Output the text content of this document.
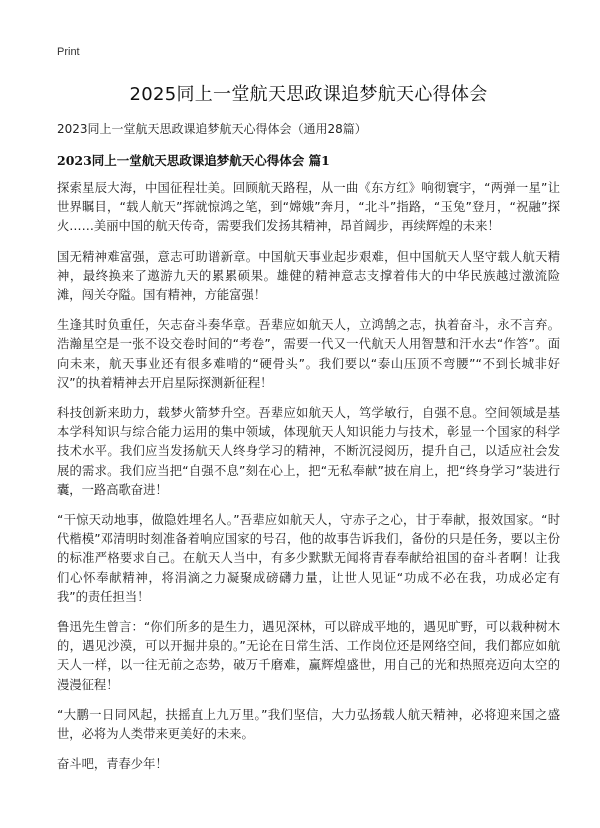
Print
2025同上一堂航天思政课追梦航天心得体会
2023同上一堂航天思政课追梦航天心得体会（通用28篇）
2023同上一堂航天思政课追梦航天心得体会 篇1

探索星辰大海，中国征程壮美。回顾航天路程，从一曲《东方红》响彻寰宇，“两弹一星”让世界瞩目，“载人航天”挥就惊鸿之笔，到“嫦娥”奔月，“北斗”指路，“玉兔”登月，“祝融”探火……美丽中国的航天传奇，需要我们发扬其精神，昂首阔步，再续辉煌的未来！

国无精神难富强，意志可助谱新章。中国航天事业起步艰难，但中国航天人坚守载人航天精神，最终换来了遨游九天的累累硕果。雄健的精神意志支撑着伟大的中华民族越过激流险滩，闯关夺隘。国有精神，方能富强！

生逢其时负重任，矢志奋斗奏华章。吾辈应如航天人，立鸿鹄之志，执着奋斗，永不言弃。浩瀚星空是一张不设交卷时间的“考卷”，需要一代又一代航天人用智慧和汗水去“作答”。面向未来，航天事业还有很多难啃的“硬骨头”。我们要以“泰山压顶不弯腰”“不到长城非好汉”的执着精神去开启星际探测新征程！

科技创新来助力，载梦火箭梦升空。吾辈应如航天人，笃学敏行，自强不息。空间领域是基本学科知识与综合能力运用的集中领域，体现航天人知识能力与技术，彰显一个国家的科学技术水平。我们应当发扬航天人终身学习的精神，不断沉浸阅历，提升自己，以适应社会发展的需求。我们应当把“自强不息”刻在心上，把“无私奉献”披在肩上，把“终身学习”装进行囊，一路高歌奋进！

“干惊天动地事，做隐姓埋名人。”吾辈应如航天人，守赤子之心，甘于奉献，报效国家。“时代楷模”邓清明时刻准备着响应国家的号召，他的故事告诉我们，备份的只是任务，要以主份的标准严格要求自己。在航天人当中，有多少默默无闻将青春奉献给祖国的奋斗者啊！让我们心怀奉献精神，将涓滴之力凝聚成磅礴力量，让世人见证“功成不必在我，功成必定有我”的责任担当！

鲁迅先生曾言：“你们所多的是生力，遇见深林，可以辟成平地的，遇见旷野，可以栽种树木的，遇见沙漠，可以开掘井泉的。”无论在日常生活、工作岗位还是网络空间，我们都应如航天人一样，以一往无前之态势，破万千磨难，赢辉煌盛世，用自己的光和热照亮迈向太空的漫漫征程！

“大鹏一日同风起，扶摇直上九万里。”我们坚信，大力弘扬载人航天精神，必将迎来国之盛世，必将为人类带来更美好的未来。

奋斗吧，青春少年！
